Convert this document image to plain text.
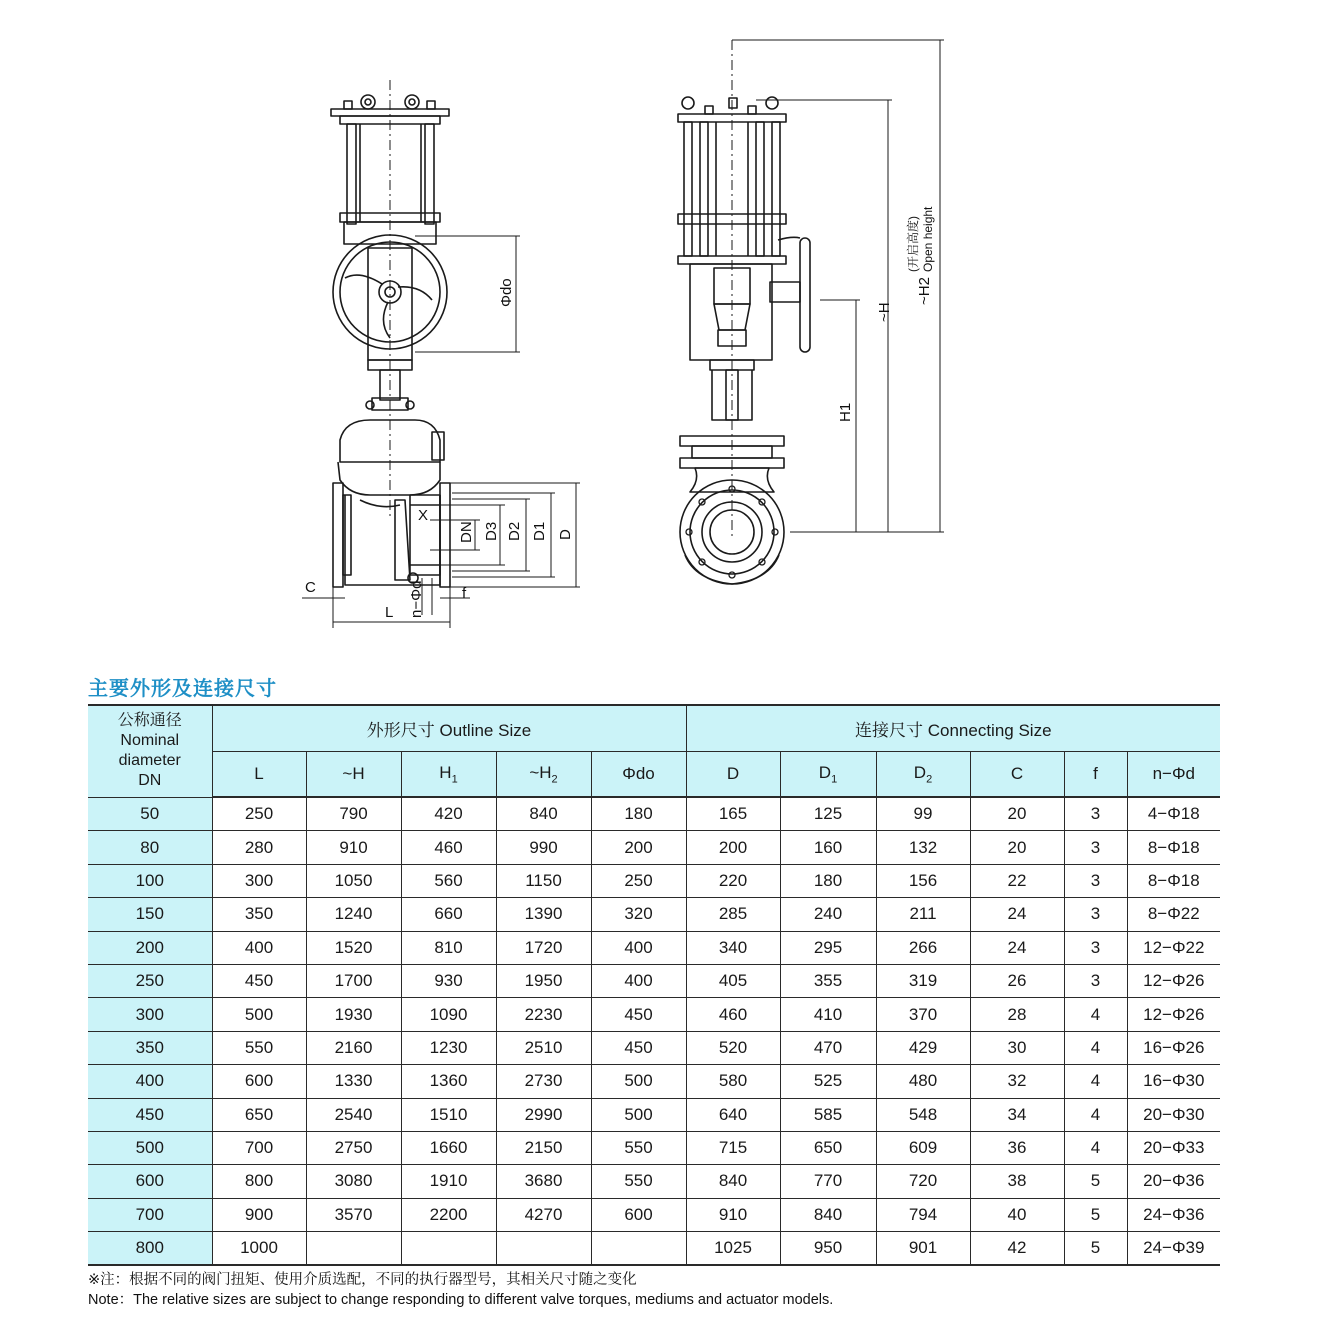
C
L n−Φd f
X
DN D3 D2 D1 D
Φdo
H1
~H
~H2
(开启高度) Open height
主要外形及连接尺寸
公称通径
Nominal
diameter
DN	外形尺寸 Outline Size					连接尺寸 Connecting Size					
	L	~H	$H_1$	$\sim H_2$	Φdo	D	$D_1$	$D_2$	C	f	n−Φd
50	250	790	420	840	180	165	125	99	20	3	4−Φ18
80	280	910	460	990	200	200	160	132	20	3	8−Φ18
100	300	1050	560	1150	250	220	180	156	22	3	8−Φ18
150	350	1240	660	1390	320	285	240	211	24	3	8−Φ22
200	400	1520	810	1720	400	340	295	266	24	3	12−Φ22
250	450	1700	930	1950	400	405	355	319	26	3	12−Φ26
300	500	1930	1090	2230	450	460	410	370	28	4	12−Φ26
350	550	2160	1230	2510	450	520	470	429	30	4	16−Φ26
400	600	1330	1360	2730	500	580	525	480	32	4	16−Φ30
450	650	2540	1510	2990	500	640	585	548	34	4	20−Φ30
500	700	2750	1660	2150	550	715	650	609	36	4	20−Φ33
600	800	3080	1910	3680	550	840	770	720	38	5	20−Φ36
700	900	3570	2200	4270	600	910	840	794	40	5	24−Φ36
800	1000					1025	950	901	42	5	24−Φ39
※注：根据不同的阀门扭矩、使用介质选配，不同的执行器型号，其相关尺寸随之变化
Note：The relative sizes are subject to change responding to different valve torques, mediums and actuator models.
